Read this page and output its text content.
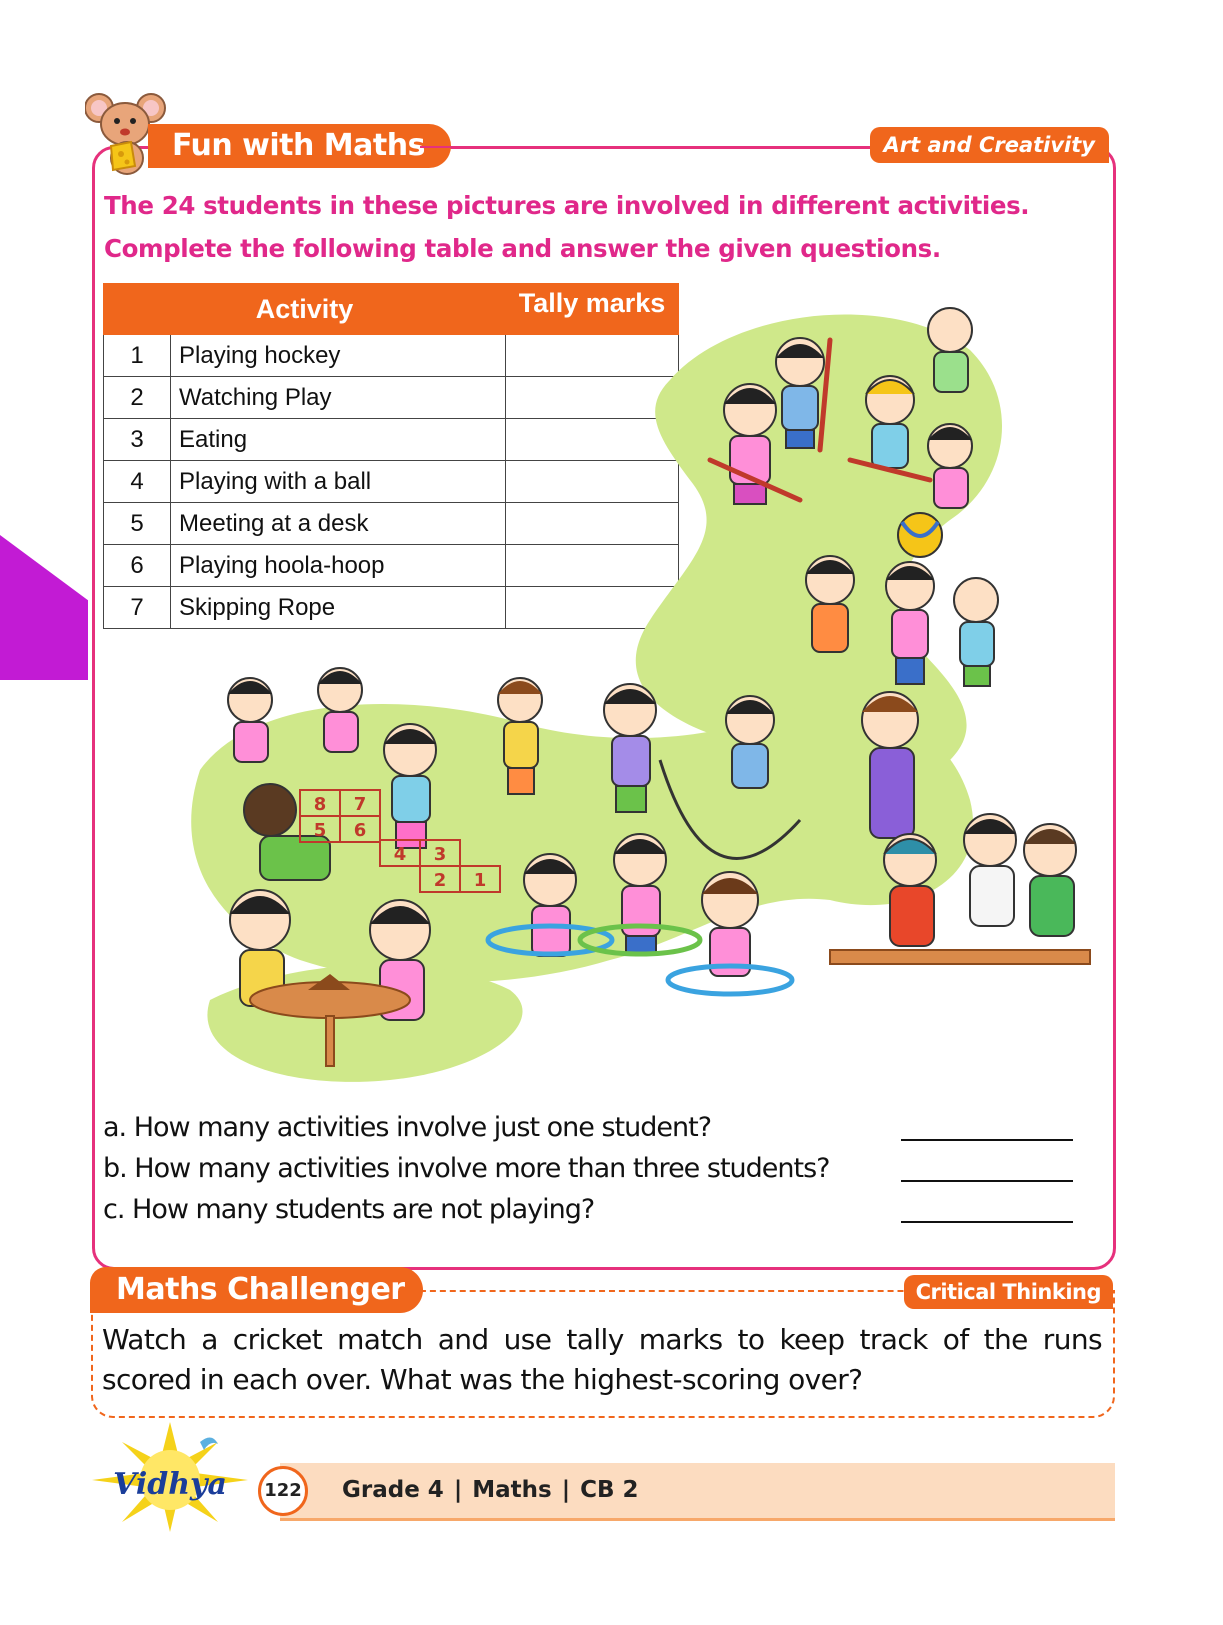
Fun with Maths	Art and Creativity
The 24 students in these pictures are involved in different activities.
Complete the following table and answer the given questions.
Activity		Tally marks
1	Playing hockey	
2	Watching Play	
3	Eating	
4	Playing with a ball	
5	Meeting at a desk	
6	Playing hoola-hoop	
7	Skipping Rope	
8 7
5 6
4 3
2 1
a. How many activities involve just one student?
b. How many activities involve more than three students?
c. How many students are not playing?
Maths Challenger	Critical Thinking
Watch a cricket match and use tally marks to keep track of the runs scored in each over. What was the highest-scoring over?
Vidhya	122 Grade 4 | Maths | CB 2
